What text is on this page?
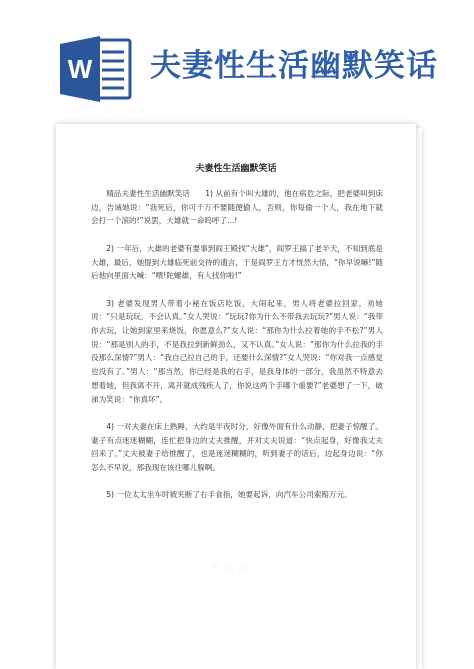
W 夫妻性生活幽默笑话
夫妻性生活幽默笑话

精品夫妻性生活幽默笑话　　1) 从前有个叫大雄的，他在病危之际，把老婆叫到床边，告诫她说：“我死后，你可千万不要随便偷人，否则，你每偷一个人，我在地下就会打一个滚的!”说罢，大雄就一命呜呼了...!

2) 一年后，大雄的老婆有要事到阎王殿找“大雄”，阎罗王搞了老半天，不知到底是大雄，最后，她提到大雄临死前交待的遗言，于是阎罗王方才恍然大悟，“你早说嘛!”随后他向里面大喊：“喂!陀螺雄，有人找你啦!”

3) 老婆发现男人带着小秘在饭店吃饭，大闹起来，男人将老婆拉回家，劝她说：“只是玩玩，不会认真。”女人哭说：“玩玩?你为什么不带我去玩玩?”男人说：“我带你去玩，让她到家里来烧饭，你愿意么?”女人说：“那你为什么拉着她的手不松?”男人说：“那是别人的手，不是我拉到新鲜劲么，又不认真。”女人说：“那你为什么拉我的手没那么深情?”男人：“我自己拉自己的手，还要什么深情?”女人哭说：“你对我一点感觉也没有了。”男人：“那当然，你已经是我的右手，是我身体的一部分，我虽然不特意去想着她，但我离不开，离开就成残疾人了，你说这两个手哪个重要?”老婆想了一下，破涕为笑说：“你真坏”。

4) 一对夫妻在床上熟睡，大约是半夜时分，好像外面有什么动静，把妻子惊醒了。妻子有点迷迷糊糊，连忙把身边的丈夫推醒，并对丈夫说道：“快点起身，好像我丈夫回来了。”丈夫被妻子给推醒了，也是迷迷糊糊的，听到妻子的话后，边起身边说：“你怎么不早说，那我现在该往哪儿躲啊。

5) 一位太太坐车时被夹断了右手食指，她要起诉，向汽车公司索赔万元。
